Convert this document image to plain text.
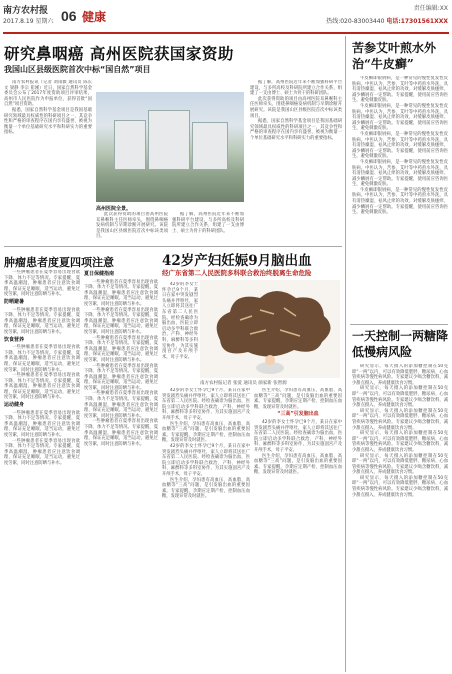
南方农村报
2017.8.19 星期六 06 健康
责任编辑:XX
热线:020-83003440 电话:17301561XXX
研究鼻咽癌 高州医院获国家资助
我国山区县级医院首次中标“国自然”项目

南方农村报讯（记者 刘雨薇 通讯员 陈长文 梁静 李宗 崔刚）近日，国家自然科学基金委员会公布了2017年度资助项目评审结果，高州市人民医院作为申报单位，获得首批“国自然”项目资助。

据悉，国家自然科学基金项目是我国基础研究领域最具权威性的科研项目之一，其竞争性和严格的审查程序在国内享有盛誉，被视为衡量一个单位基础研究水平和科研实力的重要指标。

高州医院全景。

此次获得资助的项目由高州医院耳鼻喉科主任医师牵头，围绕鼻咽癌发病机制与早期诊断开展研究。该院是我国山区县级医院首次中标该类项目。

据了解，高州医院近年来不断加强科研平台建设，与多所高校及科研院所建立合作关系，组建了一支由博士、硕士为骨干的科研团队。

据了解，高州医院近年来不断加强科研平台建设，与多所高校及科研院所建立合作关系，组建了一支由博士、硕士为骨干的科研团队。

此次获得资助的项目由高州医院耳鼻喉科主任医师牵头，围绕鼻咽癌发病机制与早期诊断开展研究。该院是我国山区县级医院首次中标该类项目。

据悉，国家自然科学基金项目是我国基础研究领域最具权威性的科研项目之一，其竞争性和严格的审查程序在国内享有盛誉，被视为衡量一个单位基础研究水平和科研实力的重要指标。

肿瘤患者度夏四项注意

一些肿瘤患者在夏季容易出现食欲下降、体力不足等情况。专家提醒，夏季高温潮湿，肿瘤患者应注意饮食调理，保证充足睡眠，适当运动，避免过度劳累，同时注意防晒与补水。

防晒避暑

一些肿瘤患者在夏季容易出现食欲下降、体力不足等情况。专家提醒，夏季高温潮湿，肿瘤患者应注意饮食调理，保证充足睡眠，适当运动，避免过度劳累，同时注意防晒与补水。

饮食营养

一些肿瘤患者在夏季容易出现食欲下降、体力不足等情况。专家提醒，夏季高温潮湿，肿瘤患者应注意饮食调理，保证充足睡眠，适当运动，避免过度劳累，同时注意防晒与补水。

一些肿瘤患者在夏季容易出现食欲下降、体力不足等情况。专家提醒，夏季高温潮湿，肿瘤患者应注意饮食调理，保证充足睡眠，适当运动，避免过度劳累，同时注意防晒与补水。

运动健身

一些肿瘤患者在夏季容易出现食欲下降、体力不足等情况。专家提醒，夏季高温潮湿，肿瘤患者应注意饮食调理，保证充足睡眠，适当运动，避免过度劳累，同时注意防晒与补水。

一些肿瘤患者在夏季容易出现食欲下降、体力不足等情况。专家提醒，夏季高温潮湿，肿瘤患者应注意饮食调理，保证充足睡眠，适当运动，避免过度劳累，同时注意防晒与补水。

夏日保健指南

一些肿瘤患者在夏季容易出现食欲下降、体力不足等情况。专家提醒，夏季高温潮湿，肿瘤患者应注意饮食调理，保证充足睡眠，适当运动，避免过度劳累，同时注意防晒与补水。

一些肿瘤患者在夏季容易出现食欲下降、体力不足等情况。专家提醒，夏季高温潮湿，肿瘤患者应注意饮食调理，保证充足睡眠，适当运动，避免过度劳累，同时注意防晒与补水。

一些肿瘤患者在夏季容易出现食欲下降、体力不足等情况。专家提醒，夏季高温潮湿，肿瘤患者应注意饮食调理，保证充足睡眠，适当运动，避免过度劳累，同时注意防晒与补水。

一些肿瘤患者在夏季容易出现食欲下降、体力不足等情况。专家提醒，夏季高温潮湿，肿瘤患者应注意饮食调理，保证充足睡眠，适当运动，避免过度劳累，同时注意防晒与补水。

一些肿瘤患者在夏季容易出现食欲下降、体力不足等情况。专家提醒，夏季高温潮湿，肿瘤患者应注意饮食调理，保证充足睡眠，适当运动，避免过度劳累，同时注意防晒与补水。

一些肿瘤患者在夏季容易出现食欲下降、体力不足等情况。专家提醒，夏季高温潮湿，肿瘤患者应注意饮食调理，保证充足睡眠，适当运动，避免过度劳累，同时注意防晒与补水。

42岁产妇妊娠9月脑出血
经广东省第二人民医院多科联合救治终脱离生命危险
南方农村报记者 张爱 通讯员 颜家新 张智源

42岁的李女士怀孕已9个月，某日在家中突发剧烈头痛并伴呕吐，家人立即将其送往广东省第二人民医院。经检查确诊为脑出血，医院立即启动多学科联合救治，产科、神经外科、麻醉科等多科室协作，为其实施剖宫产及开颅手术，母子平安。

42岁的李女士怀孕已9个月，某日在家中突发剧烈头痛并伴呕吐，家人立即将其送往广东省第二人民医院。经检查确诊为脑出血，医院立即启动多学科联合救治，产科、神经外科、麻醉科等多科室协作，为其实施剖宫产及开颅手术，母子平安。

医生介绍，孕妇患有高血压、高血脂、高血糖等“三高”问题，是引发脑出血的重要因素。专家提醒，孕期应定期产检，控制血压血糖，发现异常及时就医。

42岁的李女士怀孕已9个月，某日在家中突发剧烈头痛并伴呕吐，家人立即将其送往广东省第二人民医院。经检查确诊为脑出血，医院立即启动多学科联合救治，产科、神经外科、麻醉科等多科室协作，为其实施剖宫产及开颅手术，母子平安。

医生介绍，孕妇患有高血压、高血脂、高血糖等“三高”问题，是引发脑出血的重要因素。专家提醒，孕期应定期产检，控制血压血糖，发现异常及时就医。

医生介绍，孕妇患有高血压、高血脂、高血糖等“三高”问题，是引发脑出血的重要因素。专家提醒，孕期应定期产检，控制血压血糖，发现异常及时就医。

“三高”引发脑出血

42岁的李女士怀孕已9个月，某日在家中突发剧烈头痛并伴呕吐，家人立即将其送往广东省第二人民医院。经检查确诊为脑出血，医院立即启动多学科联合救治，产科、神经外科、麻醉科等多科室协作，为其实施剖宫产及开颅手术，母子平安。

医生介绍，孕妇患有高血压、高血脂、高血糖等“三高”问题，是引发脑出血的重要因素。专家提醒，孕期应定期产检，控制血压血糖，发现异常及时就医。

苦参艾叶煎水外治“牛皮癣”

牛皮癣即银屑病，是一种常见的慢性复发性皮肤病。中医认为，苦参、艾叶等中药煎水外洗，具有清热燥湿、祛风止痒的功效，对缓解皮肤瘙痒、减少鳞屑有一定帮助。专家提醒，使用前应咨询医生，避免刺激皮肤。

牛皮癣即银屑病，是一种常见的慢性复发性皮肤病。中医认为，苦参、艾叶等中药煎水外洗，具有清热燥湿、祛风止痒的功效，对缓解皮肤瘙痒、减少鳞屑有一定帮助。专家提醒，使用前应咨询医生，避免刺激皮肤。

牛皮癣即银屑病，是一种常见的慢性复发性皮肤病。中医认为，苦参、艾叶等中药煎水外洗，具有清热燥湿、祛风止痒的功效，对缓解皮肤瘙痒、减少鳞屑有一定帮助。专家提醒，使用前应咨询医生，避免刺激皮肤。

牛皮癣即银屑病，是一种常见的慢性复发性皮肤病。中医认为，苦参、艾叶等中药煎水外洗，具有清热燥湿、祛风止痒的功效，对缓解皮肤瘙痒、减少鳞屑有一定帮助。专家提醒，使用前应咨询医生，避免刺激皮肤。

牛皮癣即银屑病，是一种常见的慢性复发性皮肤病。中医认为，苦参、艾叶等中药煎水外洗，具有清热燥湿、祛风止痒的功效，对缓解皮肤瘙痒、减少鳞屑有一定帮助。专家提醒，使用前应咨询医生，避免刺激皮肤。

一天控制一两糖降低慢病风险

研究显示，每天摄入的添加糖控制在50克即“一两”以内，可以有效降低肥胖、糖尿病、心血管疾病等慢性病风险。专家建议少喝含糖饮料，减少甜点摄入，养成健康饮食习惯。

研究显示，每天摄入的添加糖控制在50克即“一两”以内，可以有效降低肥胖、糖尿病、心血管疾病等慢性病风险。专家建议少喝含糖饮料，减少甜点摄入，养成健康饮食习惯。

研究显示，每天摄入的添加糖控制在50克即“一两”以内，可以有效降低肥胖、糖尿病、心血管疾病等慢性病风险。专家建议少喝含糖饮料，减少甜点摄入，养成健康饮食习惯。

研究显示，每天摄入的添加糖控制在50克即“一两”以内，可以有效降低肥胖、糖尿病、心血管疾病等慢性病风险。专家建议少喝含糖饮料，减少甜点摄入，养成健康饮食习惯。

研究显示，每天摄入的添加糖控制在50克即“一两”以内，可以有效降低肥胖、糖尿病、心血管疾病等慢性病风险。专家建议少喝含糖饮料，减少甜点摄入，养成健康饮食习惯。

研究显示，每天摄入的添加糖控制在50克即“一两”以内，可以有效降低肥胖、糖尿病、心血管疾病等慢性病风险。专家建议少喝含糖饮料，减少甜点摄入，养成健康饮食习惯。
